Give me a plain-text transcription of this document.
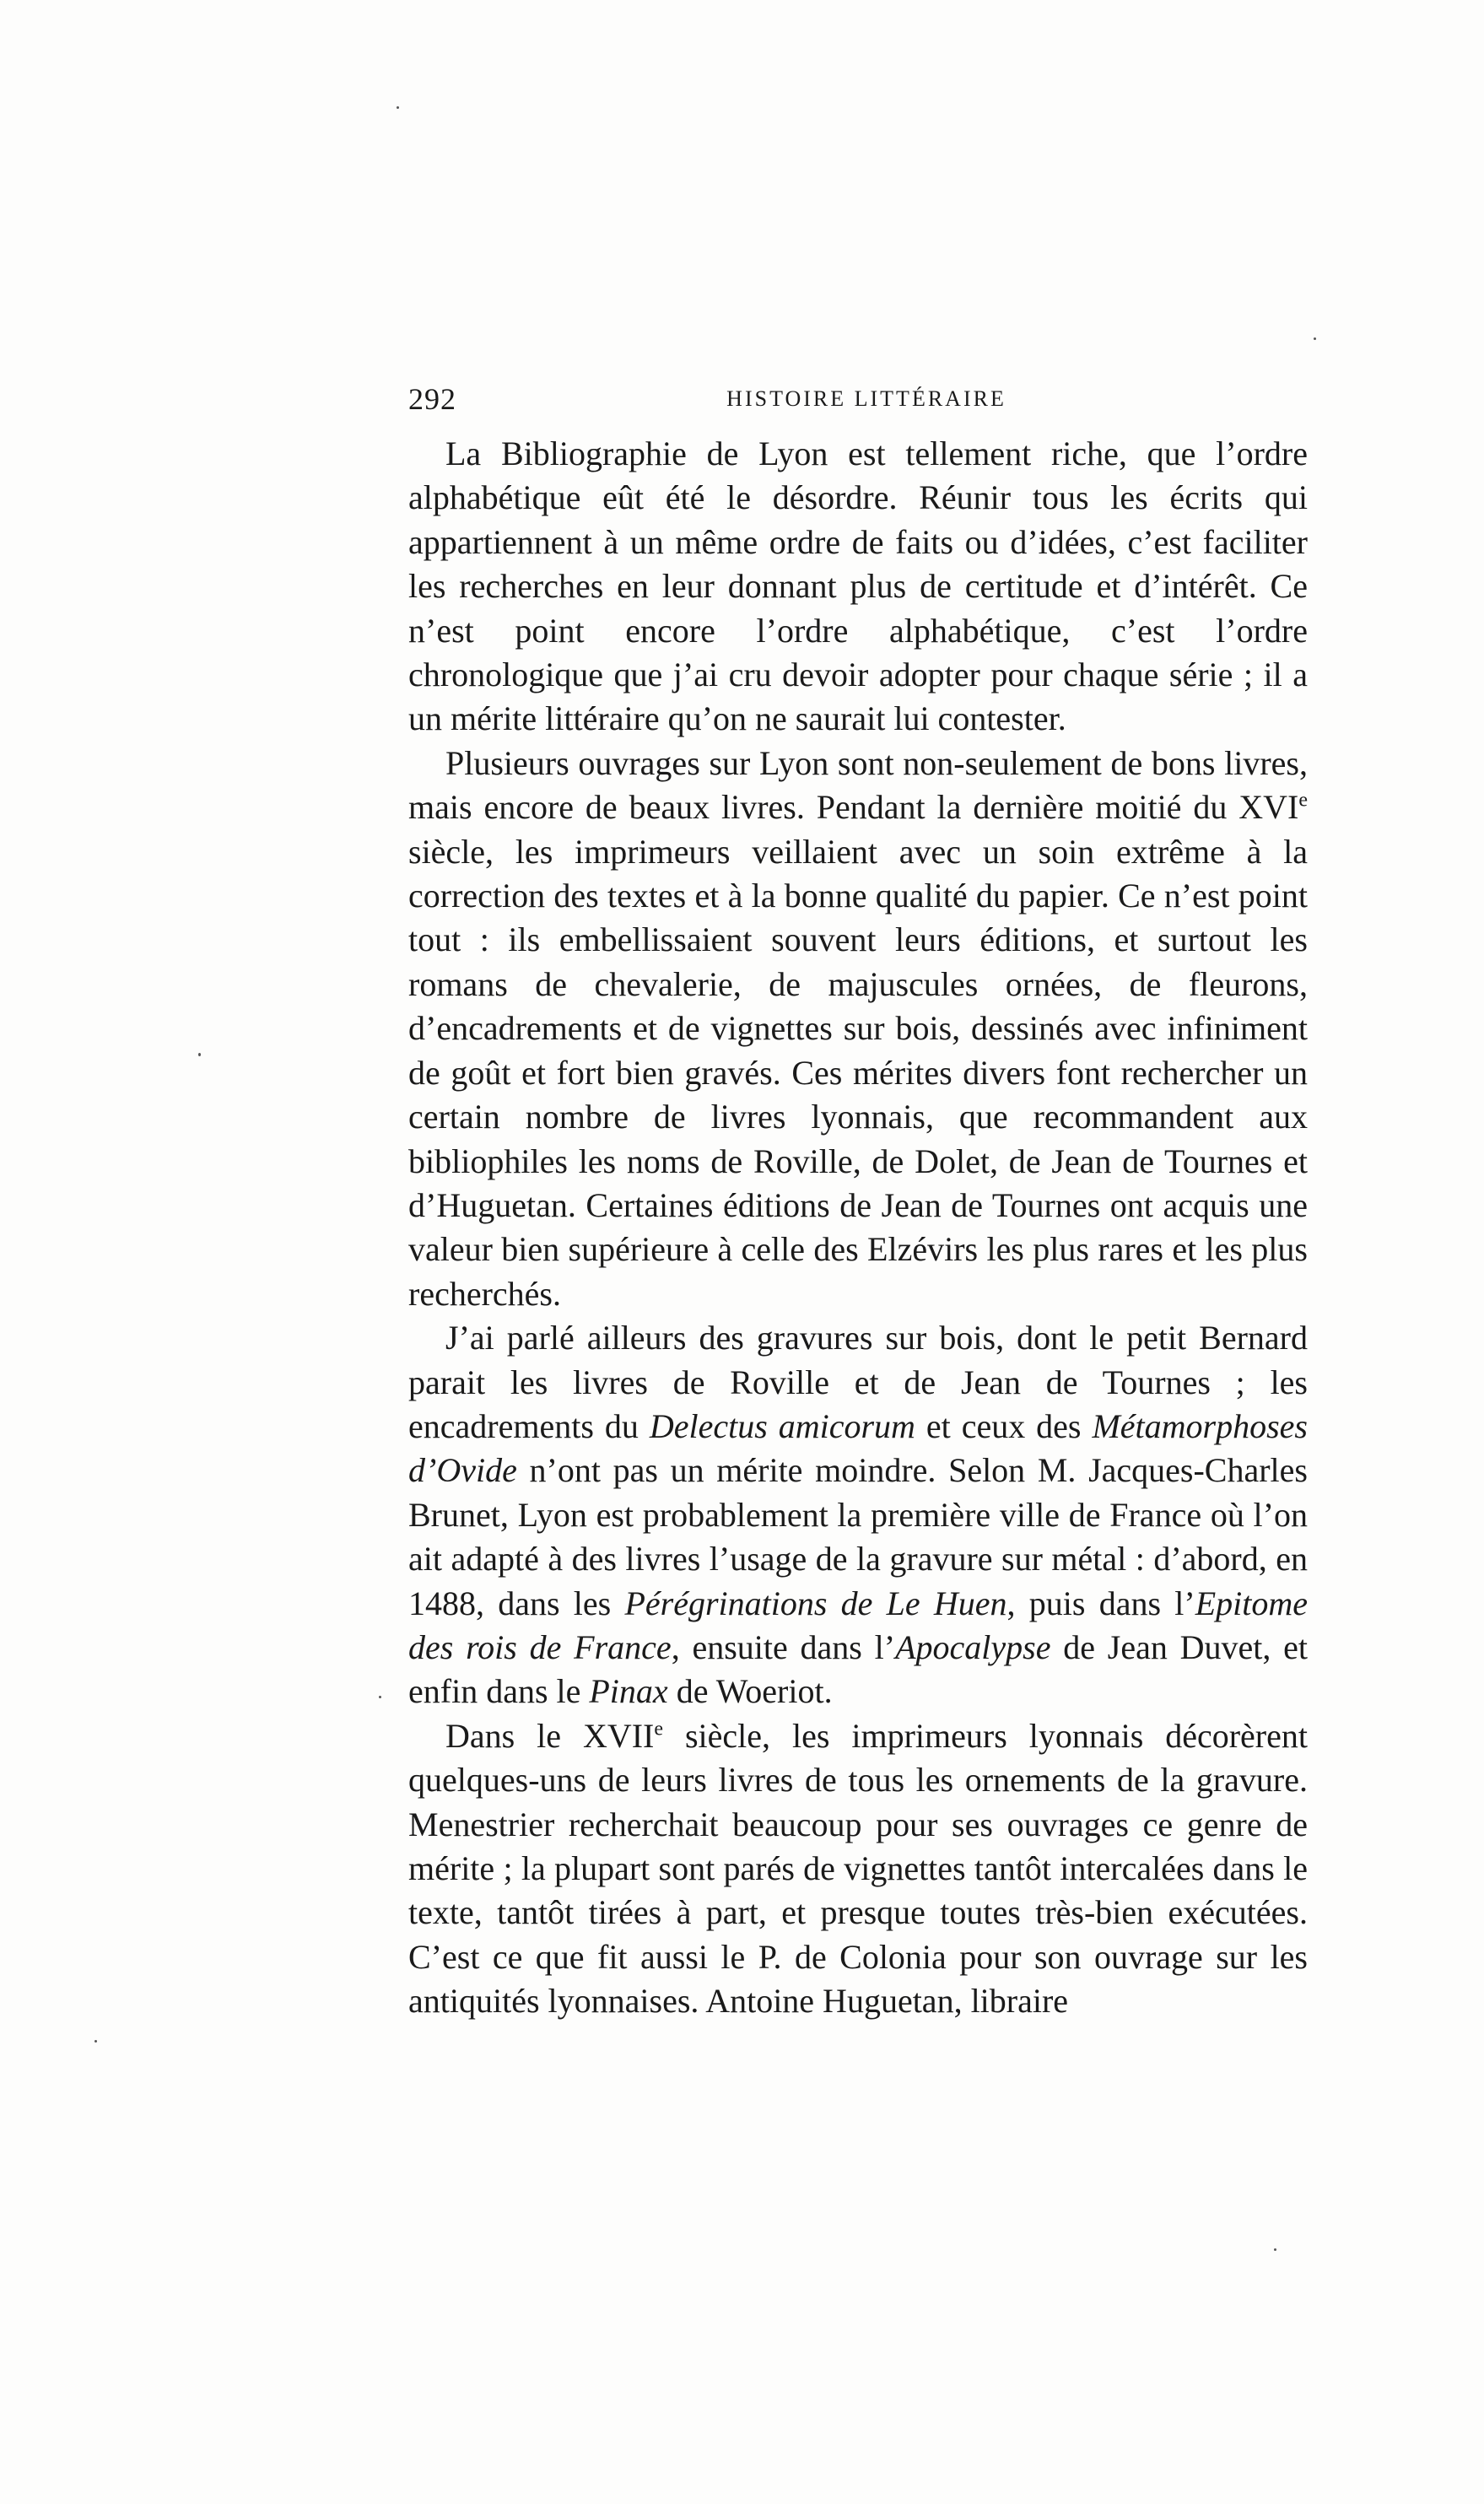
292	HISTOIRE LITTÉRAIRE

La Bibliographie de Lyon est tellement riche, que l’ordre alphabétique eût été le désordre. Réunir tous les écrits qui appartiennent à un même ordre de faits ou d’idées, c’est faciliter les recherches en leur donnant plus de certitude et d’intérêt. Ce n’est point encore l’ordre alphabétique, c’est l’ordre chronologique que j’ai cru devoir adopter pour chaque série ; il a un mérite littéraire qu’on ne saurait lui contester.

Plusieurs ouvrages sur Lyon sont non-seulement de bons livres, mais encore de beaux livres. Pendant la dernière moitié du XVIe siècle, les imprimeurs veillaient avec un soin extrême à la correction des textes et à la bonne qualité du papier. Ce n’est point tout : ils embellissaient souvent leurs éditions, et surtout les romans de chevalerie, de majuscules ornées, de fleurons, d’encadrements et de vignettes sur bois, dessinés avec infiniment de goût et fort bien gravés. Ces mérites divers font rechercher un certain nombre de livres lyonnais, que recommandent aux bibliophiles les noms de Roville, de Dolet, de Jean de Tournes et d’Huguetan. Certaines éditions de Jean de Tournes ont acquis une valeur bien supérieure à celle des Elzévirs les plus rares et les plus recherchés.

J’ai parlé ailleurs des gravures sur bois, dont le petit Bernard parait les livres de Roville et de Jean de Tournes ; les encadrements du Delectus amicorum et ceux des Métamorphoses d’Ovide n’ont pas un mérite moindre. Selon M. Jacques-Charles Brunet, Lyon est probablement la première ville de France où l’on ait adapté à des livres l’usage de la gravure sur métal : d’abord, en 1488, dans les Pérégrinations de Le Huen, puis dans l’Epitome des rois de France, ensuite dans l’Apocalypse de Jean Duvet, et enfin dans le Pinax de Woeriot.

Dans le XVIIe siècle, les imprimeurs lyonnais décorèrent quelques-uns de leurs livres de tous les ornements de la gravure. Menestrier recherchait beaucoup pour ses ouvrages ce genre de mérite ; la plupart sont parés de vignettes tantôt intercalées dans le texte, tantôt tirées à part, et presque toutes très-bien exécutées. C’est ce que fit aussi le P. de Colonia pour son ouvrage sur les antiquités lyonnaises. Antoine Huguetan, libraire
